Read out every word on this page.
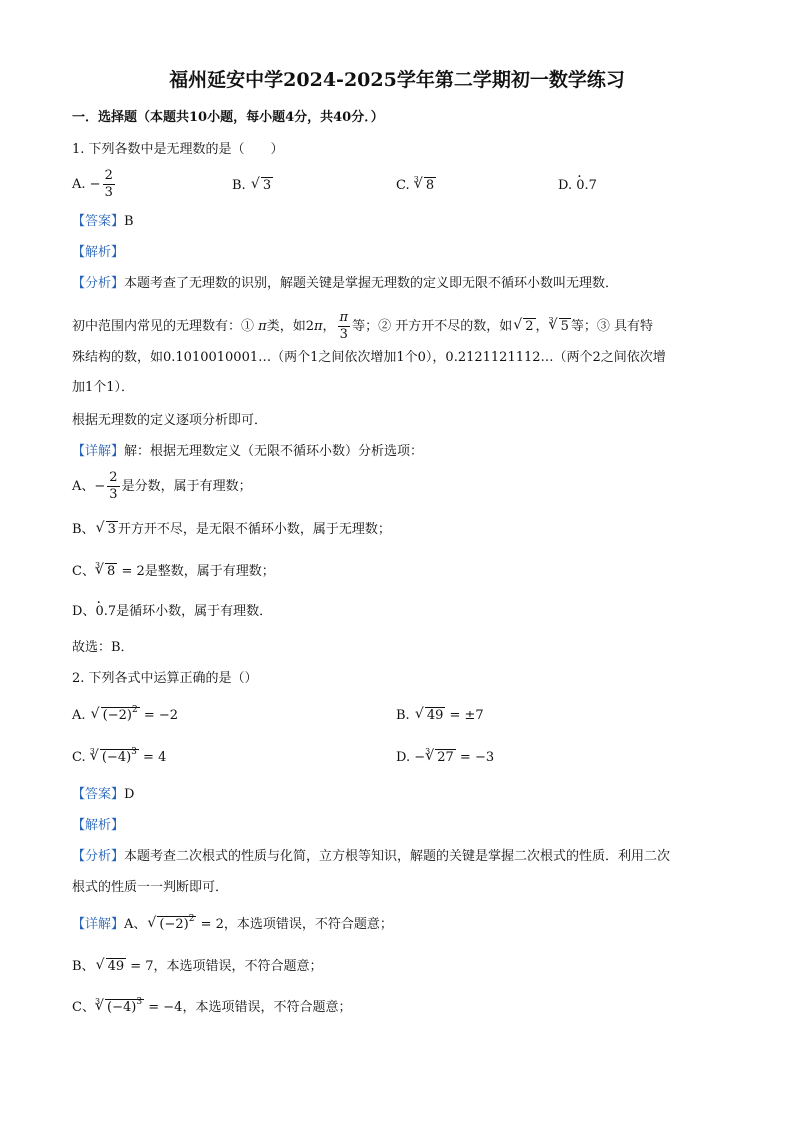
福州延安中学2024-2025学年第二学期初一数学练习
一．选择题（本题共10小题，每小题4分，共40分．）
1. 下列各数中是无理数的是（　　）
A. − $\frac{2}{3}$	B. √ 3	C. $^3$ √ 8	D. 0.7 ·
【答案】B
【解析】
【分析】本题考查了无理数的识别，解题关键是掌握无理数的定义即无限不循环小数叫无理数．
初中范围内常见的无理数有：① π类，如2π， $\frac{\pi}{3}$ 等；② 开方开不尽的数，如 √ 2 ，$^3$ √ 5 等；③ 具有特
殊结构的数，如0.1010010001…（两个1之间依次增加1个0），0.2121121112…（两个2之间依次增
加1个1）．
根据无理数的定义逐项分析即可．
【详解】解：根据无理数定义（无限不循环小数）分析选项：
A、− $\frac{2}{3}$ 是分数，属于有理数；
B、 √ 3 开方开不尽，是无限不循环小数，属于无理数；
C、$^3$ √ 8 = 2是整数，属于有理数；
D、0.7 ·是循环小数，属于有理数．
故选：B．
2. 下列各式中运算正确的是（）
A. √ $(-2)^2 = -2$	B. √ 49 = ±7
C. $^3$ √ $(-4)^3 = 4$	D. −$^3$ √ 27 = −3
【答案】D
【解析】
【分析】本题考查二次根式的性质与化简，立方根等知识，解题的关键是掌握二次根式的性质．利用二次
根式的性质一一判断即可．
【详解】A、 √ $(-2)^2 = 2$，本选项错误，不符合题意；
B、 √ 49 = 7，本选项错误，不符合题意；
C、$^3$ √ $(-4)^3 = -4$，本选项错误，不符合题意；
